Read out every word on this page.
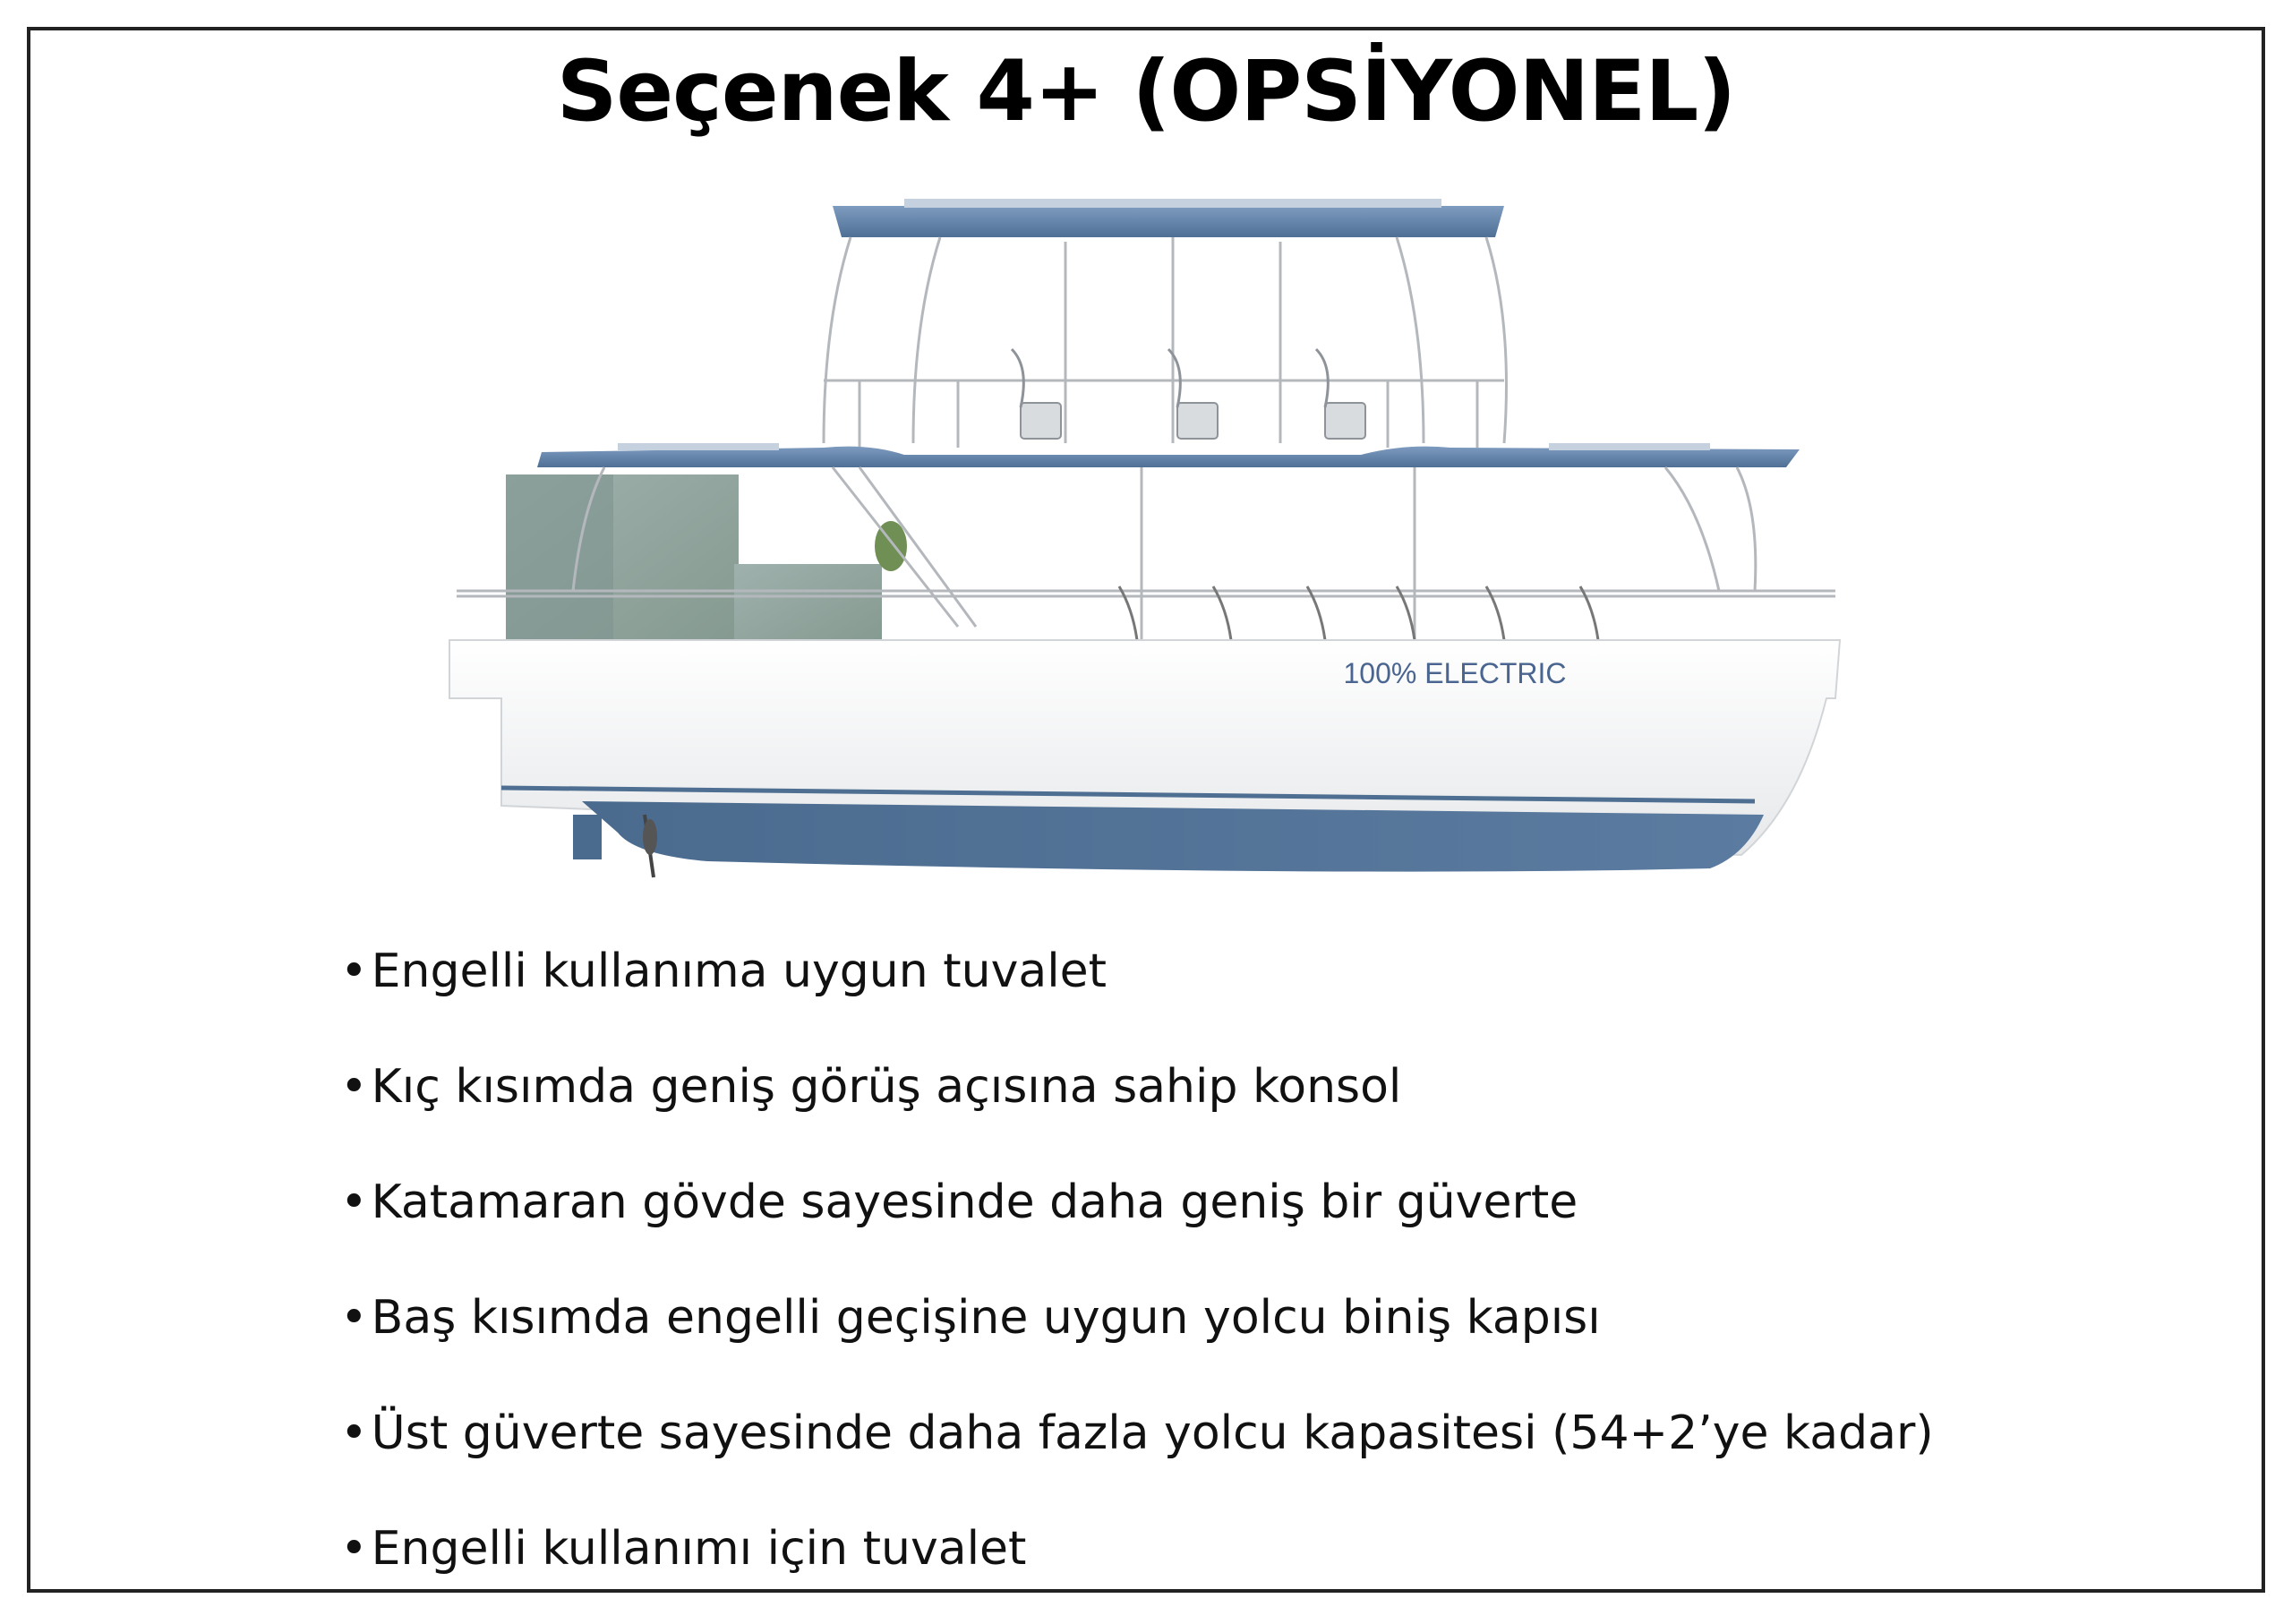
Seçenek 4+ (OPSİYONEL)
100% ELECTRIC
•Engelli kullanıma uygun tuvalet
•Kıç kısımda geniş görüş açısına sahip konsol
•Katamaran gövde sayesinde daha geniş bir güverte
•Baş kısımda engelli geçişine uygun yolcu biniş kapısı
•Üst güverte sayesinde daha fazla yolcu kapasitesi (54+2’ye kadar)
•Engelli kullanımı için tuvalet
